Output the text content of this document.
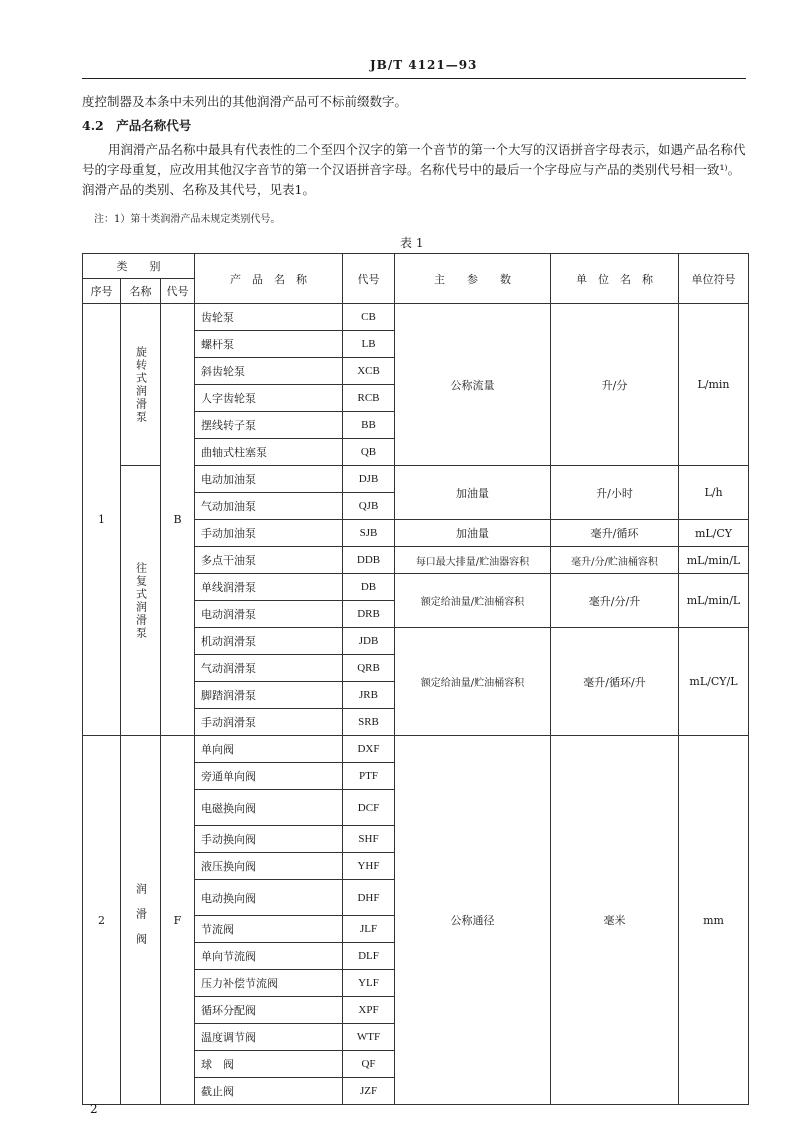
JB/T 4121—93
度控制器及本条中未列出的其他润滑产品可不标前缀数字。
4.2　产品名称代号
用润滑产品名称中最具有代表性的二个至四个汉字的第一个音节的第一个大写的汉语拼音字母表示，如遇产品名称代号的字母重复，应改用其他汉字音节的第一个汉语拼音字母。名称代号中的最后一个字母应与产品的类别代号相一致¹⁾。润滑产品的类别、名称及其代号，见表1。
注：1）第十类润滑产品未规定类别代号。
表 1
类　　别			产　品　名　称	代号	主　　参　　数	单　位　名　称	单位符号
序号	名称	代号					
1	旋转式润滑泵	B	齿轮泵	CB	公称流量	升/分	L/min
			螺杆泵	LB			
			斜齿轮泵	XCB			
			人字齿轮泵	RCB			
			摆线转子泵	BB			
			曲轴式柱塞泵	QB			
	往复式润滑泵		电动加油泵	DJB	加油量	升/小时	L/h
			气动加油泵	QJB			
			手动加油泵	SJB	加油量	毫升/循环	mL/CY
			多点干油泵	DDB	每口最大排量/贮油器容积	毫升/分/贮油桶容积	mL/min/L
			单线润滑泵	DB	额定给油量/贮油桶容积	毫升/分/升	mL/min/L
			电动润滑泵	DRB			
			机动润滑泵	JDB	额定给油量/贮油桶容积	毫升/循环/升	mL/CY/L
			气动润滑泵	QRB			
			脚踏润滑泵	JRB			
			手动润滑泵	SRB			
2	润滑阀	F	单向阀	DXF	公称通径	毫米	mm
			旁通单向阀	PTF			
			电磁换向阀	DCF			
			手动换向阀	SHF			
			液压换向阀	YHF			
			电动换向阀	DHF			
			节流阀	JLF			
			单向节流阀	DLF			
			压力补偿节流阀	YLF			
			循环分配阀	XPF			
			温度调节阀	WTF			
			球　阀	QF			
			截止阀	JZF			
2
